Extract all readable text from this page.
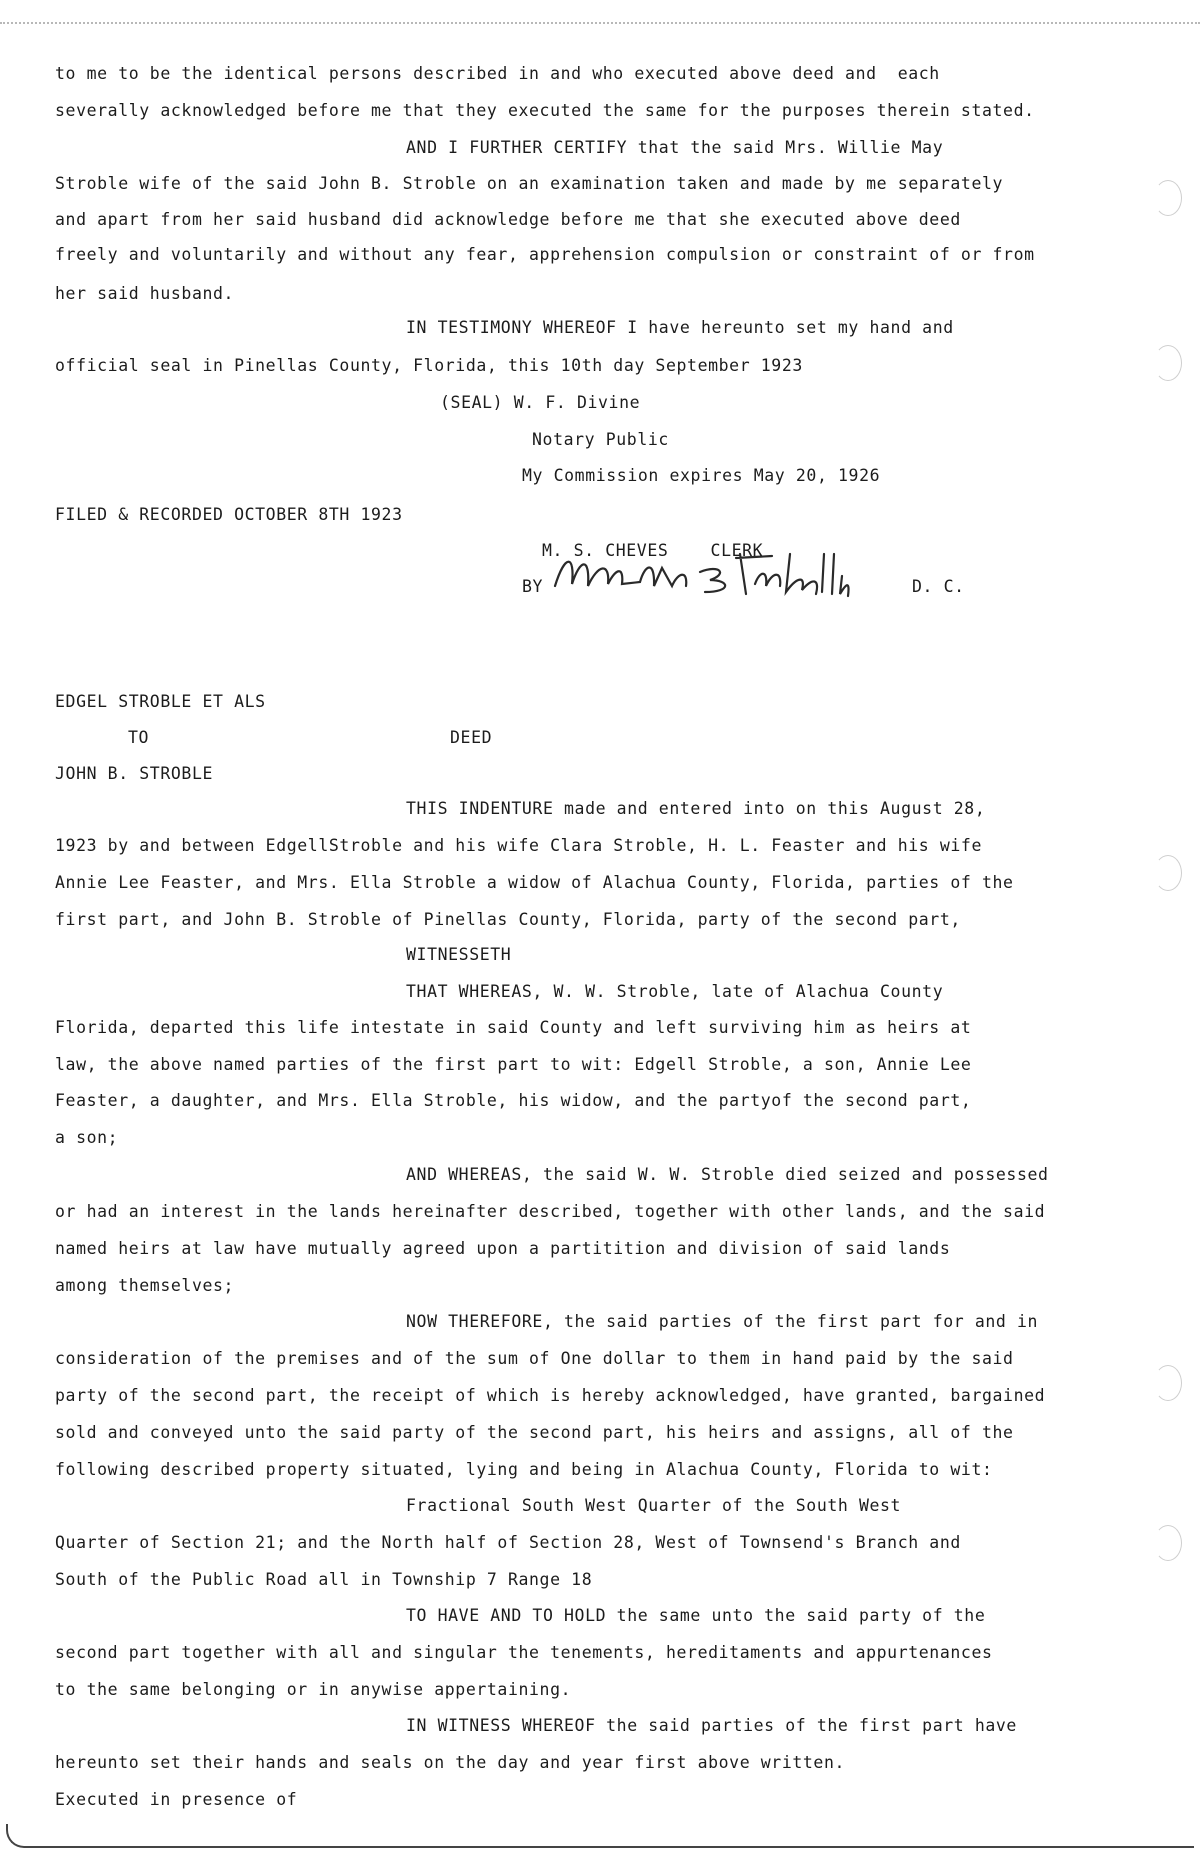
to me to be the identical persons described in and who executed above deed and  each
severally acknowledged before me that they executed the same for the purposes therein stated.
AND I FURTHER CERTIFY that the said Mrs. Willie May
Stroble wife of the said John B. Stroble on an examination taken and made by me separately
and apart from her said husband did acknowledge before me that she executed above deed
freely and voluntarily and without any fear, apprehension compulsion or constraint of or from
her said husband.
IN TESTIMONY WHEREOF I have hereunto set my hand and
official seal in Pinellas County, Florida, this 10th day September 1923
(SEAL) W. F. Divine
Notary Public
My Commission expires May 20, 1926
FILED & RECORDED OCTOBER 8TH 1923
M. S. CHEVES    CLERK
BY	D. C.
EDGEL STROBLE ET ALS
TO	DEED
JOHN B. STROBLE
THIS INDENTURE made and entered into on this August 28,
1923 by and between EdgellStroble and his wife Clara Stroble, H. L. Feaster and his wife
Annie Lee Feaster, and Mrs. Ella Stroble a widow of Alachua County, Florida, parties of the
first part, and John B. Stroble of Pinellas County, Florida, party of the second part,
WITNESSETH
THAT WHEREAS, W. W. Stroble, late of Alachua County
Florida, departed this life intestate in said County and left surviving him as heirs at
law, the above named parties of the first part to wit: Edgell Stroble, a son, Annie Lee
Feaster, a daughter, and Mrs. Ella Stroble, his widow, and the partyof the second part,
a son;
AND WHEREAS, the said W. W. Stroble died seized and possessed
or had an interest in the lands hereinafter described, together with other lands, and the said
named heirs at law have mutually agreed upon a partitition and division of said lands
among themselves;
NOW THEREFORE, the said parties of the first part for and in
consideration of the premises and of the sum of One dollar to them in hand paid by the said
party of the second part, the receipt of which is hereby acknowledged, have granted, bargained
sold and conveyed unto the said party of the second part, his heirs and assigns, all of the
following described property situated, lying and being in Alachua County, Florida to wit:
Fractional South West Quarter of the South West
Quarter of Section 21; and the North half of Section 28, West of Townsend's Branch and
South of the Public Road all in Township 7 Range 18
TO HAVE AND TO HOLD the same unto the said party of the
second part together with all and singular the tenements, hereditaments and appurtenances
to the same belonging or in anywise appertaining.
IN WITNESS WHEREOF the said parties of the first part have
hereunto set their hands and seals on the day and year first above written.
Executed in presence of
